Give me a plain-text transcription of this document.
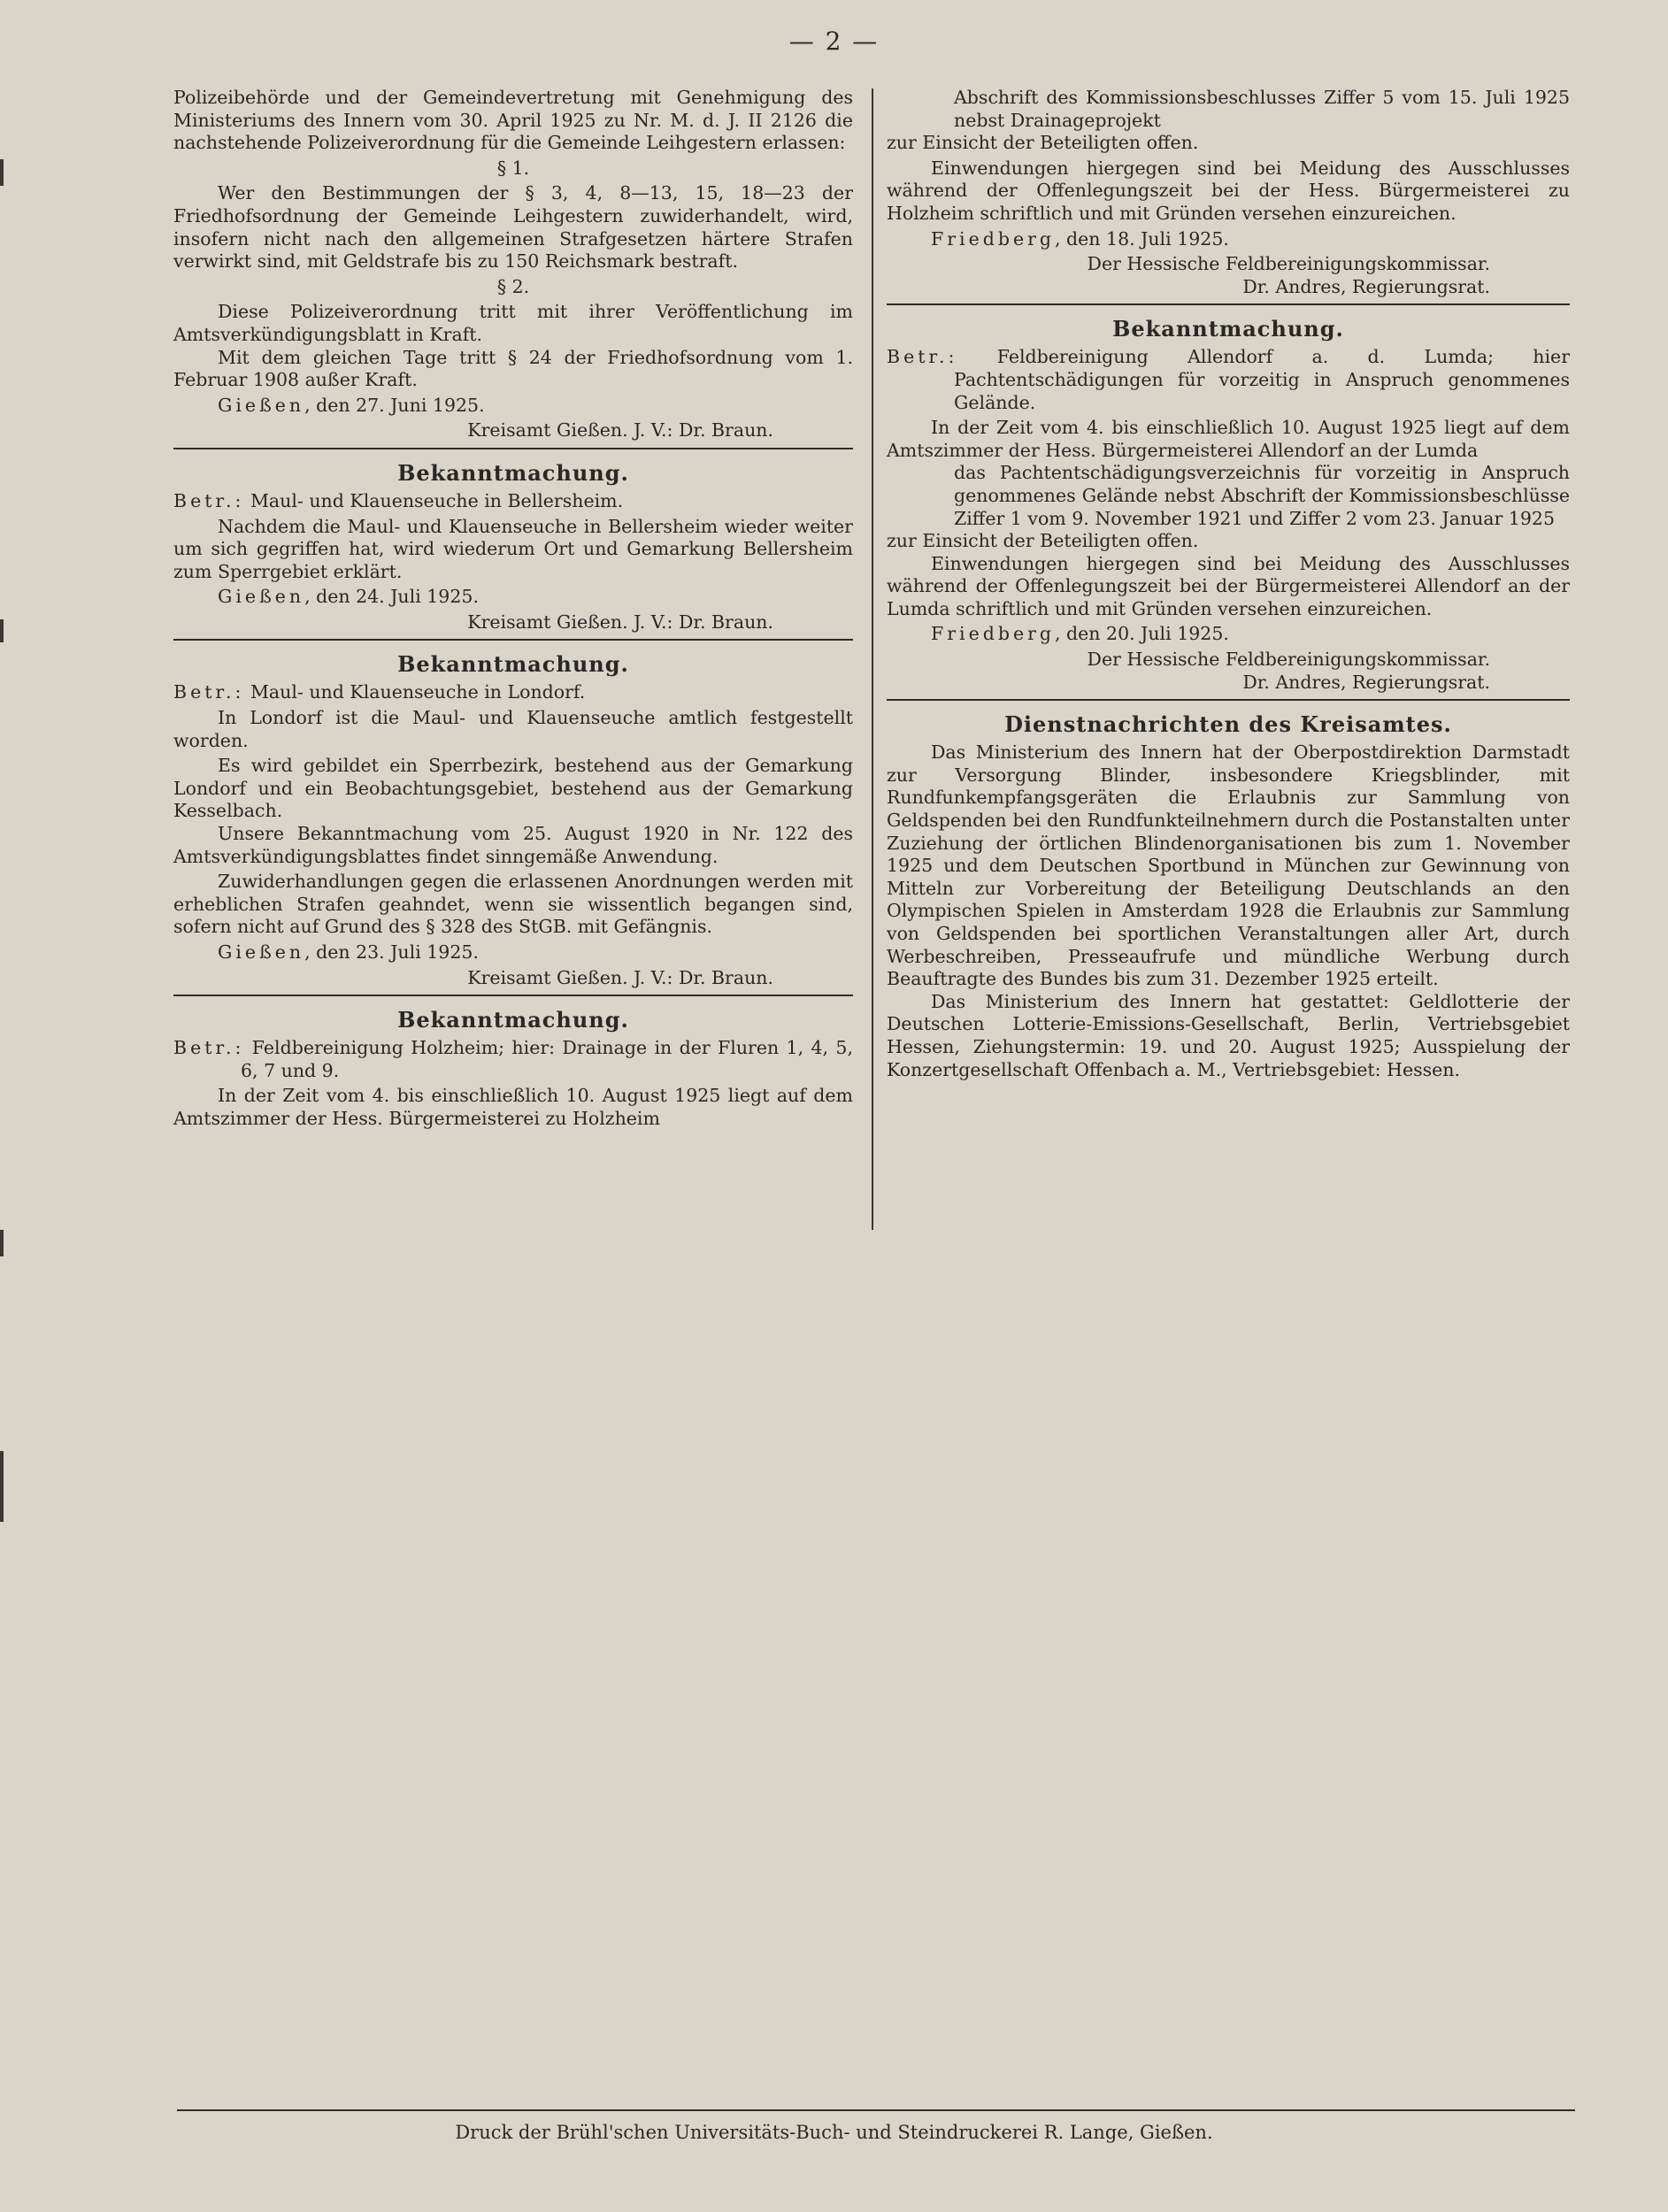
— 2 —

Polizeibehörde und der Gemeindevertretung mit Genehmigung des Ministeriums des Innern vom 30. April 1925 zu Nr. M. d. J. II 2126 die nachstehende Polizeiverordnung für die Gemeinde Leihgestern erlassen:

§ 1.

Wer den Bestimmungen der § 3, 4, 8—13, 15, 18—23 der Friedhofsordnung der Gemeinde Leihgestern zuwiderhandelt, wird, insofern nicht nach den allgemeinen Strafgesetzen härtere Strafen verwirkt sind, mit Geldstrafe bis zu 150 Reichsmark bestraft.

§ 2.

Diese Polizeiverordnung tritt mit ihrer Veröffentlichung im Amtsverkündigungsblatt in Kraft.

Mit dem gleichen Tage tritt § 24 der Friedhofsordnung vom 1. Februar 1908 außer Kraft.

Gießen, den 27. Juni 1925.

Kreisamt Gießen. J. V.: Dr. Braun.

Bekanntmachung.

Betr.: Maul- und Klauenseuche in Bellersheim.

Nachdem die Maul- und Klauenseuche in Bellersheim wieder weiter um sich gegriffen hat, wird wiederum Ort und Gemarkung Bellersheim zum Sperrgebiet erklärt.

Gießen, den 24. Juli 1925.

Kreisamt Gießen. J. V.: Dr. Braun.

Bekanntmachung.

Betr.: Maul- und Klauenseuche in Londorf.

In Londorf ist die Maul- und Klauenseuche amtlich festgestellt worden.

Es wird gebildet ein Sperrbezirk, bestehend aus der Gemarkung Londorf und ein Beobachtungsgebiet, bestehend aus der Gemarkung Kesselbach.

Unsere Bekanntmachung vom 25. August 1920 in Nr. 122 des Amtsverkündigungsblattes findet sinngemäße Anwendung.

Zuwiderhandlungen gegen die erlassenen Anordnungen werden mit erheblichen Strafen geahndet, wenn sie wissentlich begangen sind, sofern nicht auf Grund des § 328 des StGB. mit Gefängnis.

Gießen, den 23. Juli 1925.

Kreisamt Gießen. J. V.: Dr. Braun.

Bekanntmachung.

Betr.: Feldbereinigung Holzheim; hier: Drainage in der Fluren 1, 4, 5, 6, 7 und 9.

In der Zeit vom 4. bis einschließlich 10. August 1925 liegt auf dem Amtszimmer der Hess. Bürgermeisterei zu Holzheim

Abschrift des Kommissionsbeschlusses Ziffer 5 vom 15. Juli 1925 nebst Drainageprojekt

zur Einsicht der Beteiligten offen.

Einwendungen hiergegen sind bei Meidung des Ausschlusses während der Offenlegungszeit bei der Hess. Bürgermeisterei zu Holzheim schriftlich und mit Gründen versehen einzureichen.

Friedberg, den 18. Juli 1925.

Der Hessische Feldbereinigungskommissar.

Dr. Andres, Regierungsrat.

Bekanntmachung.

Betr.: Feldbereinigung Allendorf a. d. Lumda; hier Pachtentschädigungen für vorzeitig in Anspruch genommenes Gelände.

In der Zeit vom 4. bis einschließlich 10. August 1925 liegt auf dem Amtszimmer der Hess. Bürgermeisterei Allendorf an der Lumda

das Pachtentschädigungsverzeichnis für vorzeitig in Anspruch genommenes Gelände nebst Abschrift der Kommissionsbeschlüsse Ziffer 1 vom 9. November 1921 und Ziffer 2 vom 23. Januar 1925

zur Einsicht der Beteiligten offen.

Einwendungen hiergegen sind bei Meidung des Ausschlusses während der Offenlegungszeit bei der Bürgermeisterei Allendorf an der Lumda schriftlich und mit Gründen versehen einzureichen.

Friedberg, den 20. Juli 1925.

Der Hessische Feldbereinigungskommissar.

Dr. Andres, Regierungsrat.

Dienstnachrichten des Kreisamtes.

Das Ministerium des Innern hat der Oberpostdirektion Darmstadt zur Versorgung Blinder, insbesondere Kriegsblinder, mit Rundfunkempfangsgeräten die Erlaubnis zur Sammlung von Geldspenden bei den Rundfunkteilnehmern durch die Postanstalten unter Zuziehung der örtlichen Blindenorganisationen bis zum 1. November 1925 und dem Deutschen Sportbund in München zur Gewinnung von Mitteln zur Vorbereitung der Beteiligung Deutschlands an den Olympischen Spielen in Amsterdam 1928 die Erlaubnis zur Sammlung von Geldspenden bei sportlichen Veranstaltungen aller Art, durch Werbeschreiben, Presseaufrufe und mündliche Werbung durch Beauftragte des Bundes bis zum 31. Dezember 1925 erteilt.

Das Ministerium des Innern hat gestattet: Geldlotterie der Deutschen Lotterie-Emissions-Gesellschaft, Berlin, Vertriebsgebiet Hessen, Ziehungstermin: 19. und 20. August 1925; Ausspielung der Konzertgesellschaft Offenbach a. M., Vertriebsgebiet: Hessen.

Druck der Brühl'schen Universitäts-Buch- und Steindruckerei R. Lange, Gießen.
